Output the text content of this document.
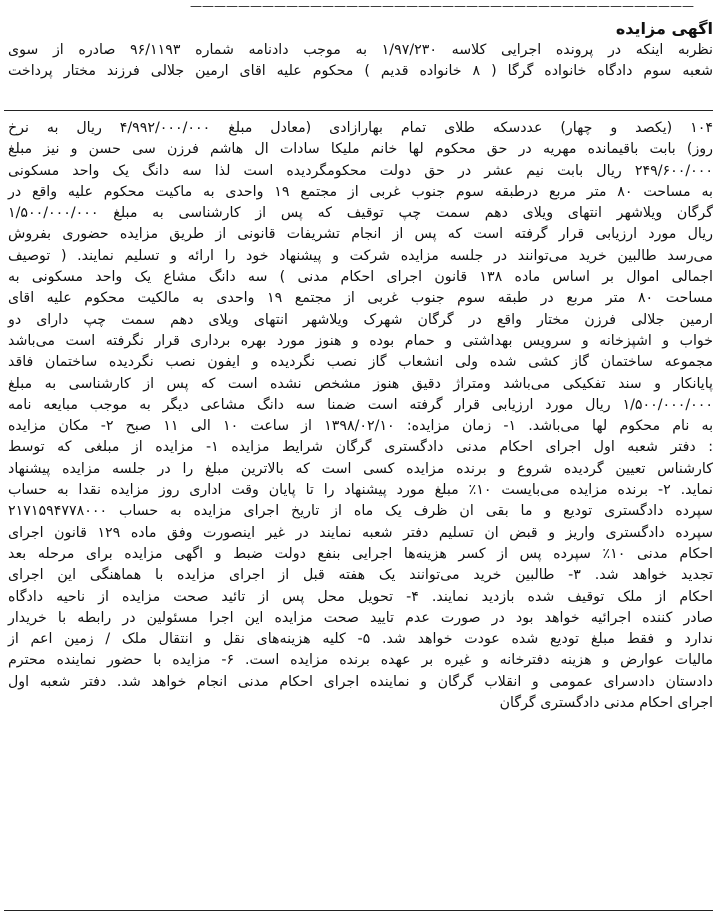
——————————————————————————————————————————

اگهی مزایده

نظربه اینکه در پرونده اجرایی کلاسه ۱/۹۷/۲۳۰ به موجب دادنامه شماره ۹۶/۱۱۹۳ صادره از سوی

شعبه سوم دادگاه خانواده گرگا ( ۸ خانواده قدیم ) محکوم علیه اقای ارمین جلالی فرزند مختار پرداخت

۱۰۴ (یکصد و چهار) عددسکه طلای تمام بهارازادی (معادل مبلغ ۴/۹۹۲/۰۰۰/۰۰۰ ریال به نرخ

روز) بابت باقیمانده مهریه در حق محکوم لها خانم ملیکا سادات ال هاشم فرزن سی حسن و نیز مبلغ

۲۴۹/۶۰۰/۰۰۰ ریال بابت نیم عشر در حق دولت محکومگردیده است لذا سه دانگ یک واحد مسکونی

به مساحت ۸۰ متر مربع درطبقه سوم جنوب غربی از مجتمع ۱۹ واحدی به ماکیت محکوم علیه واقع در

گرگان ویلاشهر انتهای ویلای دهم سمت چپ توقیف که پس از کارشناسی به مبلغ ۱/۵۰۰/۰۰۰/۰۰۰

ریال مورد ارزیابی قرار گرفته است که پس از انجام تشریفات قانونی از طریق مزایده حضوری بفروش

می‌رسد طالبین خرید می‌توانند در جلسه مزایده شرکت و پیشنهاد خود را ارائه و تسلیم نمایند. ( توصیف

اجمالی اموال بر اساس ماده ۱۳۸ قانون اجرای احکام مدنی ) سه دانگ مشاع یک واحد مسکونی به

مساحت ۸۰ متر مربع در طبقه سوم جنوب غربی از مجتمع ۱۹ واحدی به مالکیت محکوم علیه اقای

ارمین جلالی فرزن مختار واقع در گرگان شهرک ویلاشهر انتهای ویلای دهم سمت چپ دارای دو

خواب و اشپزخانه و سرویس بهداشتی و حمام بوده و هنوز مورد بهره برداری قرار نگرفته است می‌باشد

مجموعه ساختمان گاز کشی شده ولی انشعاب گاز نصب نگردیده و ایفون نصب نگردیده ساختمان فاقد

پایانکار و سند تفکیکی می‌باشد ومتراژ دقیق هنوز مشخص نشده است که پس از کارشناسی به مبلغ

۱/۵۰۰/۰۰۰/۰۰۰ ریال مورد ارزیابی قرار گرفته است ضمنا سه دانگ مشاعی دیگر به موجب مبایعه نامه

به نام محکوم لها می‌باشد. ۱- زمان مزایده: ۱۳۹۸/۰۲/۱۰ از ساعت ۱۰ الی ۱۱ صبح ۲- مکان مزایده

: دفتر شعبه اول اجرای احکام مدنی دادگستری گرگان شرایط مزایده ۱- مزایده از مبلغی که توسط

کارشناس تعیین گردیده شروع و برنده مزایده کسی است که بالاترین مبلغ را در جلسه مزایده پیشنهاد

نماید. ۲- برنده مزایده می‌بایست ۱۰٪ مبلغ مورد پیشنهاد را تا پایان وقت اداری روز مزایده نقدا به حساب

سپرده دادگستری تودیع و ما بقی ان ظرف یک ماه از تاریخ اجرای مزایده به حساب ۲۱۷۱۵۹۴۷۷۸۰۰۰

سپرده دادگستری واریز و قبض ان تسلیم دفتر شعبه نمایند در غیر اینصورت وفق ماده ۱۲۹ قانون اجرای

احکام مدنی ۱۰٪ سپرده پس از کسر هزینه‌ها اجرایی بنفع دولت ضبط و اگهی مزایده برای مرحله بعد

تجدید خواهد شد. ۳- طالبین خرید می‌توانند یک هفته قبل از اجرای مزایده با هماهنگی این اجرای

احکام از ملک توقیف شده بازدید نمایند. ۴- تحویل محل پس از تائید صحت مزایده از ناحیه دادگاه

صادر کننده اجرائیه خواهد بود در صورت عدم تایید صحت مزایده این اجرا مسئولین در رابطه با خریدار

ندارد و فقط مبلغ توديع شده عودت خواهد شد. ۵- کلیه هزینه‌های نقل و انتقال ملک / زمین اعم از

مالیات عوارض و هزینه دفترخانه و غیره بر عهده برنده مزایده است. ۶- مزایده با حضور نماینده محترم

دادستان دادسرای عمومی و انقلاب گرگان و نماینده اجرای احکام مدنی انجام خواهد شد. دفتر شعبه اول

اجرای احکام مدنی دادگستری گرگان
